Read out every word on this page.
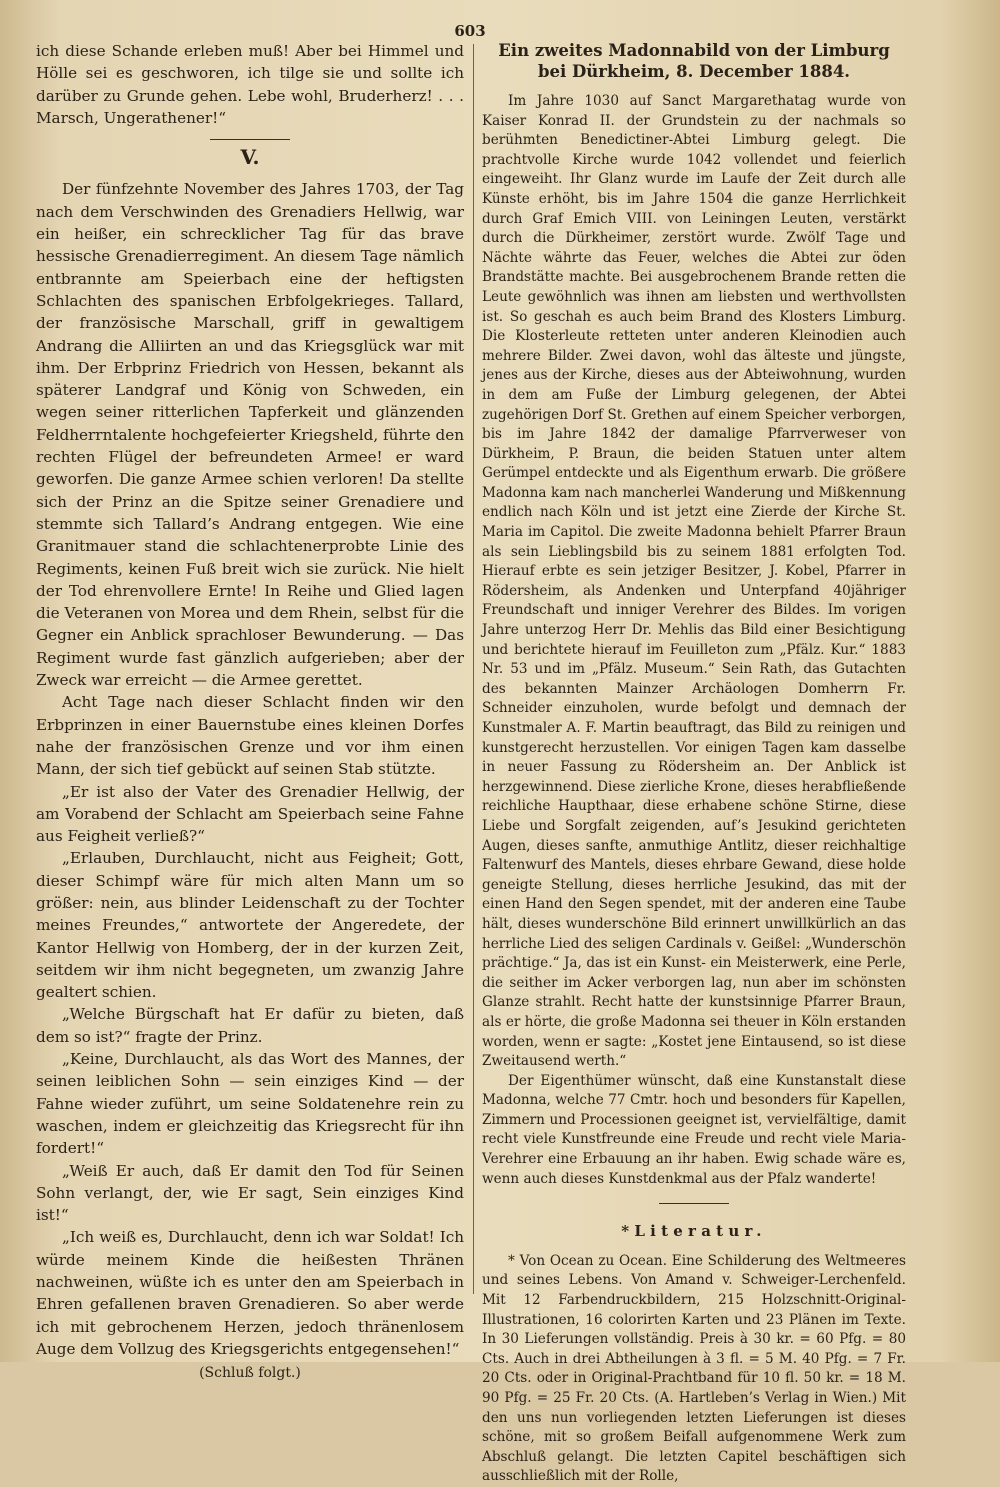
603

ich diese Schande erleben muß! Aber bei Himmel und Hölle sei es geschworen, ich tilge sie und sollte ich darüber zu Grunde gehen. Lebe wohl, Bruderherz! . . . Marsch, Ungerathener!“

V.

Der fünfzehnte November des Jahres 1703, der Tag nach dem Verschwinden des Grenadiers Hellwig, war ein heißer, ein schrecklicher Tag für das brave hessische Grenadierregiment. An diesem Tage nämlich entbrannte am Speierbach eine der heftigsten Schlachten des spanischen Erbfolgekrieges. Tallard, der französische Marschall, griff in gewaltigem Andrang die Alliirten an und das Kriegsglück war mit ihm. Der Erbprinz Friedrich von Hessen, bekannt als späterer Landgraf und König von Schweden, ein wegen seiner ritterlichen Tapferkeit und glänzenden Feldherrntalente hochgefeierter Kriegsheld, führte den rechten Flügel der befreundeten Armee! er ward geworfen. Die ganze Armee schien verloren! Da stellte sich der Prinz an die Spitze seiner Grenadiere und stemmte sich Tallard’s Andrang entgegen. Wie eine Granitmauer stand die schlachtenerprobte Linie des Regiments, keinen Fuß breit wich sie zurück. Nie hielt der Tod ehrenvollere Ernte! In Reihe und Glied lagen die Veteranen von Morea und dem Rhein, selbst für die Gegner ein Anblick sprachloser Bewunderung. — Das Regiment wurde fast gänzlich aufgerieben; aber der Zweck war erreicht — die Armee gerettet.

Acht Tage nach dieser Schlacht finden wir den Erbprinzen in einer Bauernstube eines kleinen Dorfes nahe der französischen Grenze und vor ihm einen Mann, der sich tief gebückt auf seinen Stab stützte.

„Er ist also der Vater des Grenadier Hellwig, der am Vorabend der Schlacht am Speierbach seine Fahne aus Feigheit verließ?“

„Erlauben, Durchlaucht, nicht aus Feigheit; Gott, dieser Schimpf wäre für mich alten Mann um so größer: nein, aus blinder Leidenschaft zu der Tochter meines Freundes,“ antwortete der Angeredete, der Kantor Hellwig von Homberg, der in der kurzen Zeit, seitdem wir ihm nicht begegneten, um zwanzig Jahre gealtert schien.

„Welche Bürgschaft hat Er dafür zu bieten, daß dem so ist?“ fragte der Prinz.

„Keine, Durchlaucht, als das Wort des Mannes, der seinen leiblichen Sohn — sein einziges Kind — der Fahne wieder zuführt, um seine Soldatenehre rein zu waschen, indem er gleichzeitig das Kriegsrecht für ihn fordert!“

„Weiß Er auch, daß Er damit den Tod für Seinen Sohn verlangt, der, wie Er sagt, Sein einziges Kind ist!“

„Ich weiß es, Durchlaucht, denn ich war Soldat! Ich würde meinem Kinde die heißesten Thränen nachweinen, wüßte ich es unter den am Speierbach in Ehren gefallenen braven Grenadieren. So aber werde ich mit gebrochenem Herzen, jedoch thränenlosem Auge dem Vollzug des Kriegsgerichts entgegensehen!“

(Schluß folgt.)
Ein zweites Madonnabild von der Limburg bei Dürkheim, 8. December 1884.

Im Jahre 1030 auf Sanct Margarethatag wurde von Kaiser Konrad II. der Grundstein zu der nachmals so berühmten Benedictiner-Abtei Limburg gelegt. Die prachtvolle Kirche wurde 1042 vollendet und feierlich eingeweiht. Ihr Glanz wurde im Laufe der Zeit durch alle Künste erhöht, bis im Jahre 1504 die ganze Herrlichkeit durch Graf Emich VIII. von Leiningen Leuten, verstärkt durch die Dürkheimer, zerstört wurde. Zwölf Tage und Nächte währte das Feuer, welches die Abtei zur öden Brandstätte machte. Bei ausgebrochenem Brande retten die Leute gewöhnlich was ihnen am liebsten und werthvollsten ist. So geschah es auch beim Brand des Klosters Limburg. Die Klosterleute retteten unter anderen Kleinodien auch mehrere Bilder. Zwei davon, wohl das älteste und jüngste, jenes aus der Kirche, dieses aus der Abteiwohnung, wurden in dem am Fuße der Limburg gelegenen, der Abtei zugehörigen Dorf St. Grethen auf einem Speicher verborgen, bis im Jahre 1842 der damalige Pfarrverweser von Dürkheim, P. Braun, die beiden Statuen unter altem Gerümpel entdeckte und als Eigenthum erwarb. Die größere Madonna kam nach mancherlei Wanderung und Mißkennung endlich nach Köln und ist jetzt eine Zierde der Kirche St. Maria im Capitol. Die zweite Madonna behielt Pfarrer Braun als sein Lieblingsbild bis zu seinem 1881 erfolgten Tod. Hierauf erbte es sein jetziger Besitzer, J. Kobel, Pfarrer in Rödersheim, als Andenken und Unterpfand 40jähriger Freundschaft und inniger Verehrer des Bildes. Im vorigen Jahre unterzog Herr Dr. Mehlis das Bild einer Besichtigung und berichtete hierauf im Feuilleton zum „Pfälz. Kur.“ 1883 Nr. 53 und im „Pfälz. Museum.“ Sein Rath, das Gutachten des bekannten Mainzer Archäologen Domherrn Fr. Schneider einzuholen, wurde befolgt und demnach der Kunstmaler A. F. Martin beauftragt, das Bild zu reinigen und kunstgerecht herzustellen. Vor einigen Tagen kam dasselbe in neuer Fassung zu Rödersheim an. Der Anblick ist herzgewinnend. Diese zierliche Krone, dieses herabfließende reichliche Haupthaar, diese erhabene schöne Stirne, diese Liebe und Sorgfalt zeigenden, auf’s Jesukind gerichteten Augen, dieses sanfte, anmuthige Antlitz, dieser reichhaltige Faltenwurf des Mantels, dieses ehrbare Gewand, diese holde geneigte Stellung, dieses herrliche Jesukind, das mit der einen Hand den Segen spendet, mit der anderen eine Taube hält, dieses wunderschöne Bild erinnert unwillkürlich an das herrliche Lied des seligen Cardinals v. Geißel: „Wunderschön prächtige.“ Ja, das ist ein Kunst- ein Meisterwerk, eine Perle, die seither im Acker verborgen lag, nun aber im schönsten Glanze strahlt. Recht hatte der kunstsinnige Pfarrer Braun, als er hörte, die große Madonna sei theuer in Köln erstanden worden, wenn er sagte: „Kostet jene Eintausend, so ist diese Zweitausend werth.“

Der Eigenthümer wünscht, daß eine Kunstanstalt diese Madonna, welche 77 Cmtr. hoch und besonders für Kapellen, Zimmern und Processionen geeignet ist, vervielfältige, damit recht viele Kunstfreunde eine Freude und recht viele Maria-Verehrer eine Erbauung an ihr haben. Ewig schade wäre es, wenn auch dieses Kunstdenkmal aus der Pfalz wanderte!

*Literatur.

* Von Ocean zu Ocean. Eine Schilderung des Weltmeeres und seines Lebens. Von Amand v. Schweiger-Lerchenfeld. Mit 12 Farbendruckbildern, 215 Holzschnitt-Original-Illustrationen, 16 colorirten Karten und 23 Plänen im Texte. In 30 Lieferungen vollständig. Preis à 30 kr. = 60 Pfg. = 80 Cts. Auch in drei Abtheilungen à 3 fl. = 5 M. 40 Pfg. = 7 Fr. 20 Cts. oder in Original-Prachtband für 10 fl. 50 kr. = 18 M. 90 Pfg. = 25 Fr. 20 Cts. (A. Hartleben’s Verlag in Wien.) Mit den uns nun vorliegenden letzten Lieferungen ist dieses schöne, mit so großem Beifall aufgenommene Werk zum Abschluß gelangt. Die letzten Capitel beschäftigen sich ausschließlich mit der Rolle,
